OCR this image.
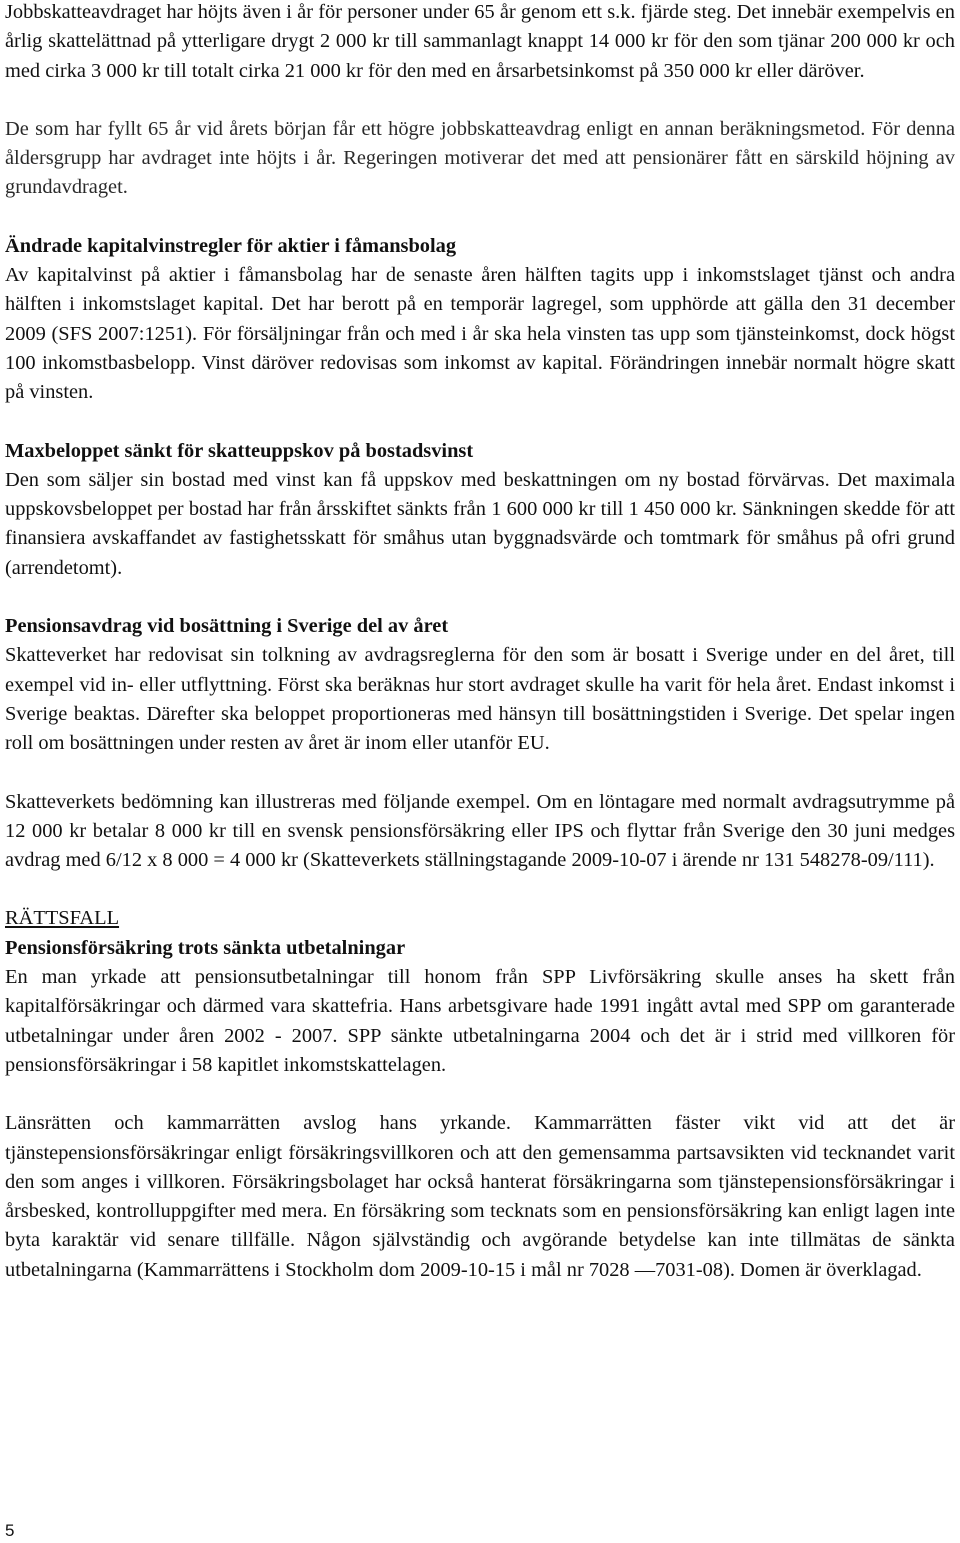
Jobbskatteavdraget har höjts även i år för personer under 65 år genom ett s.k. fjärde steg. Det innebär exempelvis en årlig skattelättnad på ytterligare drygt 2 000 kr till sammanlagt knappt 14 000 kr för den som tjänar 200 000 kr och med cirka 3 000 kr till totalt cirka 21 000 kr för den med en årsarbetsinkomst på 350 000 kr eller däröver.

De som har fyllt 65 år vid årets början får ett högre jobbskatteavdrag enligt en annan beräkningsmetod. För denna åldersgrupp har avdraget inte höjts i år. Regeringen motiverar det med att pensionärer fått en särskild höjning av grundavdraget.

Ändrade kapitalvinstregler för aktier i fåmansbolag
Av kapitalvinst på aktier i fåmansbolag har de senaste åren hälften tagits upp i inkomstslaget tjänst och andra hälften i inkomstslaget kapital. Det har berott på en temporär lagregel, som upphörde att gälla den 31 december 2009 (SFS 2007:1251). För försäljningar från och med i år ska hela vinsten tas upp som tjänsteinkomst, dock högst 100 inkomstbasbelopp. Vinst däröver redovisas som inkomst av kapital. Förändringen innebär normalt högre skatt på vinsten.

Maxbeloppet sänkt för skatteuppskov på bostadsvinst
Den som säljer sin bostad med vinst kan få uppskov med beskattningen om ny bostad förvärvas. Det maximala uppskovsbeloppet per bostad har från årsskiftet sänkts från 1 600 000 kr till 1 450 000 kr. Sänkningen skedde för att finansiera avskaffandet av fastighetsskatt för småhus utan byggnadsvärde och tomtmark för småhus på ofri grund (arrendetomt).

Pensionsavdrag vid bosättning i Sverige del av året
Skatteverket har redovisat sin tolkning av avdragsreglerna för den som är bosatt i Sverige under en del året, till exempel vid in- eller utflyttning. Först ska beräknas hur stort avdraget skulle ha varit för hela året. Endast inkomst i Sverige beaktas. Därefter ska beloppet proportioneras med hänsyn till bosättningstiden i Sverige. Det spelar ingen roll om bosättningen under resten av året är inom eller utanför EU.

Skatteverkets bedömning kan illustreras med följande exempel. Om en löntagare med normalt avdragsutrymme på 12 000 kr betalar 8 000 kr till en svensk pensionsförsäkring eller IPS och flyttar från Sverige den 30 juni medges avdrag med 6/12 x 8 000 = 4 000 kr (Skatteverkets ställningstagande 2009-10-07 i ärende nr 131 548278-09/111).

RÄTTSFALL
Pensionsförsäkring trots sänkta utbetalningar
En man yrkade att pensionsutbetalningar till honom från SPP Livförsäkring skulle anses ha skett från kapitalförsäkringar och därmed vara skattefria. Hans arbetsgivare hade 1991 ingått avtal med SPP om garanterade utbetalningar under åren 2002 - 2007. SPP sänkte utbetalningarna 2004 och det är i strid med villkoren för pensionsförsäkringar i 58 kapitlet inkomstskattelagen.

Länsrätten och kammarrätten avslog hans yrkande. Kammarrätten fäster vikt vid att det är tjänstepensionsförsäkringar enligt försäkringsvillkoren och att den gemensamma partsavsikten vid tecknandet varit den som anges i villkoren. Försäkringsbolaget har också hanterat försäkringarna som tjänstepensionsförsäkringar i årsbesked, kontrolluppgifter med mera. En försäkring som tecknats som en pensionsförsäkring kan enligt lagen inte byta karaktär vid senare tillfälle. Någon självständig och avgörande betydelse kan inte tillmätas de sänkta utbetalningarna (Kammarrättens i Stockholm dom 2009-10-15 i mål nr 7028 —7031-08). Domen är överklagad.

5
